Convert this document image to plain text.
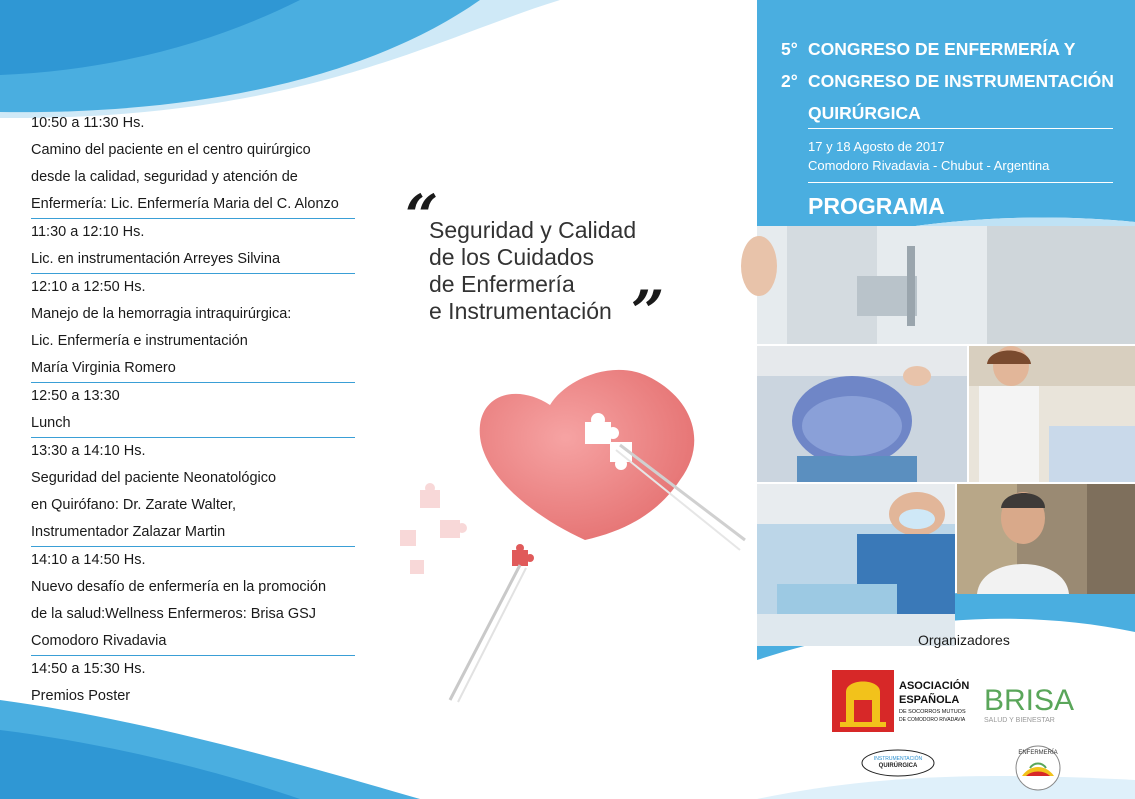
10:50 a 11:30 Hs.
Camino del paciente en el centro quirúrgico
desde la calidad, seguridad y atención de
Enfermería: Lic. Enfermería Maria del C. Alonzo
11:30 a 12:10 Hs.
Lic. en instrumentación Arreyes Silvina
12:10 a 12:50 Hs.
Manejo de la hemorragia intraquirúrgica:
Lic. Enfermería e instrumentación
María Virginia Romero
12:50 a 13:30
Lunch
13:30 a 14:10 Hs.
Seguridad del paciente Neonatológico
en Quirófano: Dr. Zarate Walter,
Instrumentador Zalazar Martin
14:10 a 14:50 Hs.
Nuevo desafío de enfermería en la promoción
de la salud:Wellness Enfermeros: Brisa GSJ
Comodoro Rivadavia
14:50 a 15:30 Hs.
Premios Poster
“
Seguridad y Calidad
de los Cuidados
de Enfermería
e Instrumentación ”
5° CONGRESO DE ENFERMERÍA Y
2° CONGRESO DE INSTRUMENTACIÓN
QUIRÚRGICA
17 y 18 Agosto de 2017
Comodoro Rivadavia - Chubut - Argentina
PROGRAMA
Organizadores
ASOCIACIÓN
ESPAÑOLA
DE SOCORROS MUTUOS
DE COMODORO RIVADAVIA
BRISA
SALUD Y BIENESTAR
INSTRUMENTACIÓN
QUIRÚRGICA
ENFERMERÍA
